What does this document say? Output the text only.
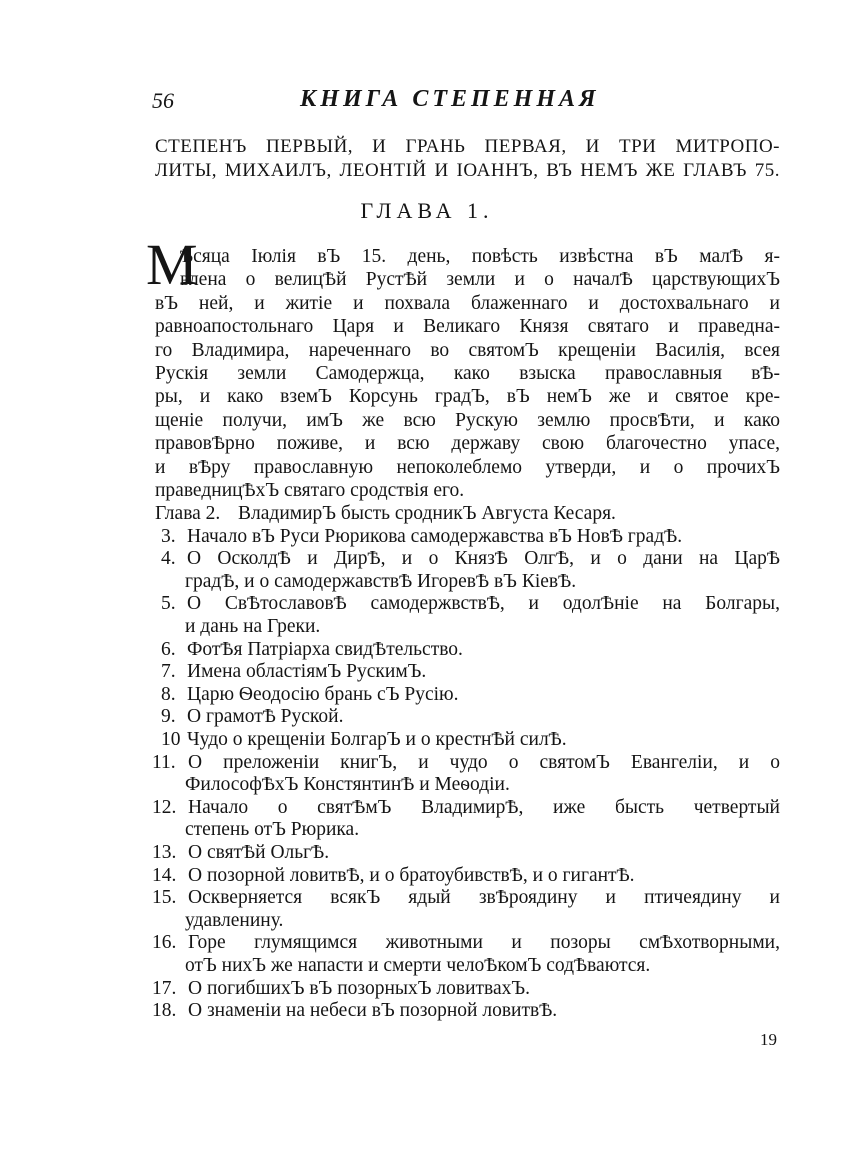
56	КНИГА СТЕПЕННАЯ
СТЕПЕНЪ ПЕРВЫЙ, И ГРАНЬ ПЕРВАЯ, И ТРИ МИТРОПО-
ЛИТЫ, МИХАИЛЪ, ЛЕОНТІЙ И ІОАННЪ, ВЪ НЕМЪ ЖЕ ГЛАВЪ 75.
ГЛАВА 1.
М
Ѣсяца Іюлія вЪ 15. день, повѣсть извѣстна вЪ малѢ я-
влена о велицѢй РустѢй земли и о началѢ царствующихЪ
вЪ ней, и житіе и похвала блаженнаго и достохвальнаго и
равноапостольнаго Царя и Великаго Князя святаго и праведна-
го Владимира, нареченнаго во святомЪ крещеніи Василія, всея
Рускія земли Самодержца, како взыска православныя вѢ-
ры, и како вземЪ Корсунь градЪ, вЪ немЪ же и святое кре-
щеніе получи, имЪ же всю Рускую землю просвѢти, и како
правовѢрно поживе, и всю державу свою благочестно упасе,
и вѢру православную непоколеблемо утверди, и о прочихЪ
праведницѢхЪ святаго сродствія его.
Глава 2. ВладимирЪ бысть сродникЪ Августа Кесаря.
3. Начало вЪ Руси Рюрикова самодержавства вЪ НовѢ градѢ.
4. О ОсколдѢ и ДирѢ, и о КнязѢ ОлгѢ, и о дани на ЦарѢ
градѢ, и о самодержавствѢ ИгоревѢ вЪ КіевѢ.
5. О СвѢтославовѢ самодержвствѢ, и одолѢніе на Болгары,
и дань на Греки.
6. ФотѢя Патріарха свидѢтельство.
7. Имена областіямЪ РускимЪ.
8. Царю Ѳеодосію брань сЪ Русію.
9. О грамотѢ Руской.
10 Чудо о крещеніи БолгарЪ и о крестнѢй силѢ.
11. О преложеніи книгЪ, и чудо о святомЪ Евангеліи, и о
ФилософѢхЪ КонстянтинѢ и Меѳодіи.
12. Начало о святѢмЪ ВладимирѢ, иже бысть четвертый
степень отЪ Рюрика.
13. О святѢй ОльгѢ.
14. О позорной ловитвѢ, и о братоубивствѢ, и о гигантѢ.
15. Оскверняется всякЪ ядый звѢроядину и птичеядину и
удавленину.
16. Горе глумящимся животными и позоры смѢхотворными,
отЪ нихЪ же напасти и смерти челоѢкомЪ содѢваются.
17. О погибшихЪ вЪ позорныхЪ ловитвахЪ.
18. О знаменіи на небеси вЪ позорной ловитвѢ.
19
